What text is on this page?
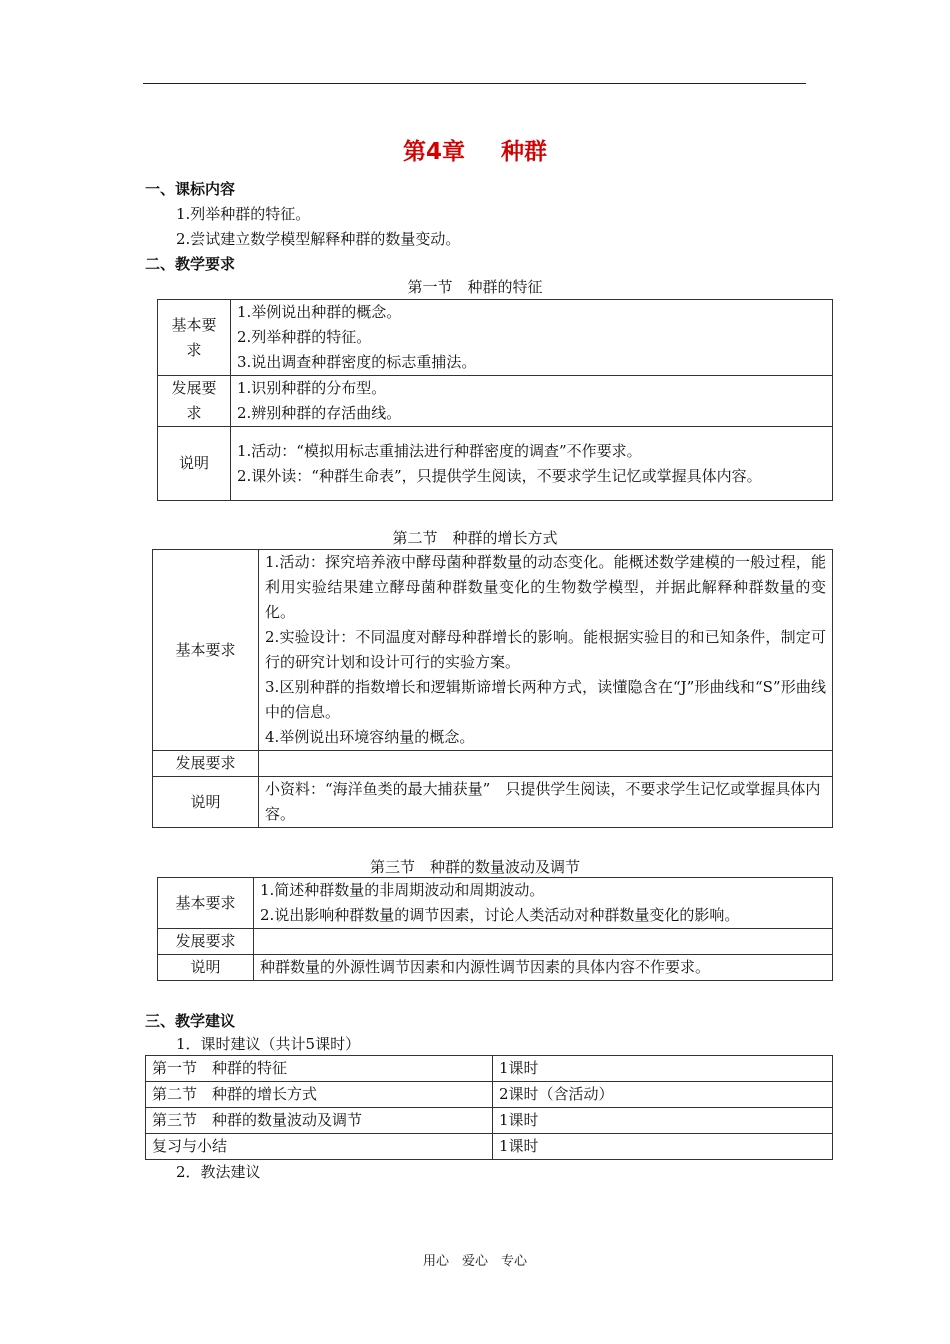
第4章 种群
一、课标内容
1.列举种群的特征。
2.尝试建立数学模型解释种群的数量变动。
二、教学要求
第一节　种群的特征
基本要
求	1.举例说出种群的概念。
2.列举种群的特征。
3.说出调查种群密度的标志重捕法。

发展要
求	1.识别种群的分布型。
2.辨别种群的存活曲线。

说明	1.活动：“模拟用标志重捕法进行种群密度的调查”不作要求。
2.课外读：“种群生命表”，只提供学生阅读，不要求学生记忆或掌握具体内容。
第二节　种群的增长方式
基本要求	1.活动：探究培养液中酵母菌种群数量的动态变化。能概述数学建模的一般过程，能利用实验结果建立酵母菌种群数量变化的生物数学模型，并据此解释种群数量的变化。
2.实验设计：不同温度对酵母种群增长的影响。能根据实验目的和已知条件，制定可行的研究计划和设计可行的实验方案。
3.区别种群的指数增长和逻辑斯谛增长两种方式，读懂隐含在“J”形曲线和“S”形曲线中的信息。
4.举例说出环境容纳量的概念。

发展要求	
说明	小资料：“海洋鱼类的最大捕获量”　只提供学生阅读，不要求学生记忆或掌握具体内容。
第三节　种群的数量波动及调节
基本要求	1.简述种群数量的非周期波动和周期波动。
2.说出影响种群数量的调节因素，讨论人类活动对种群数量变化的影响。

发展要求	
说明	种群数量的外源性调节因素和内源性调节因素的具体内容不作要求。
三、教学建议
1．课时建议（共计5课时）
第一节　种群的特征	1课时
第二节　种群的增长方式	2课时（含活动）
第三节　种群的数量波动及调节	1课时
复习与小结	1课时
2．教法建议
用心　爱心　专心
